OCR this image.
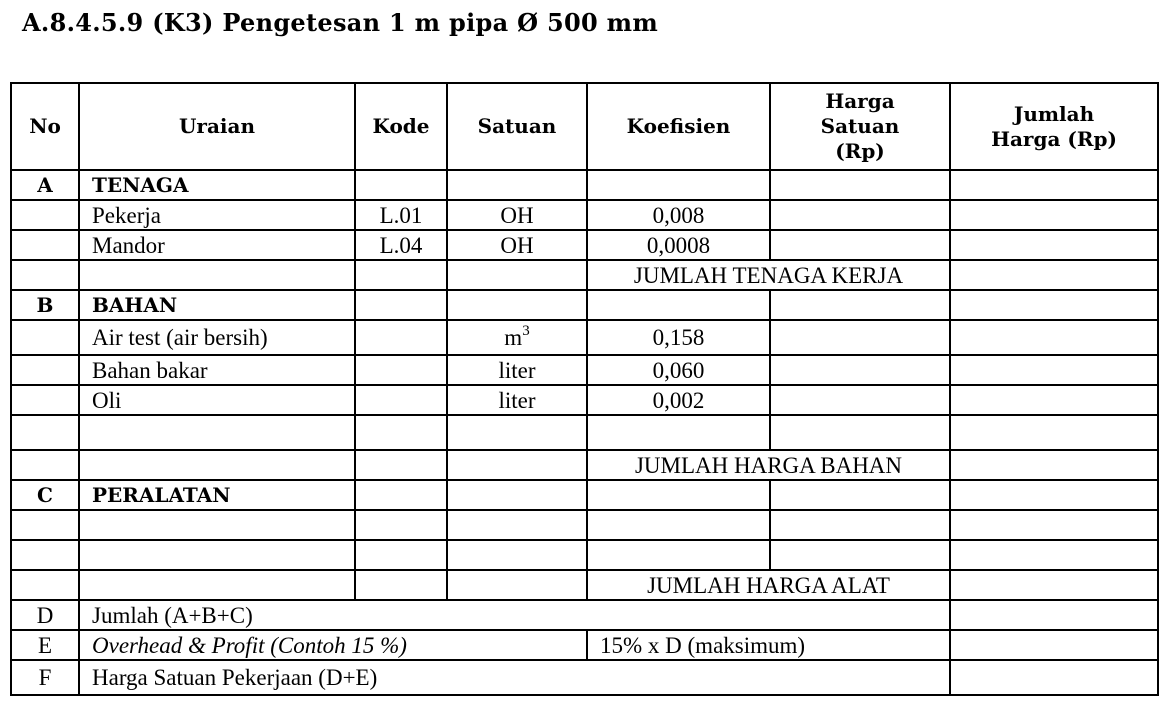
A.8.4.5.9 (K3) Pengetesan 1 m pipa Ø 500 mm
No	Uraian	Kode	Satuan	Koefisien	Harga Satuan (Rp)	Jumlah Harga (Rp)
A	TENAGA					
	Pekerja	L.01	OH	0,008		
	Mandor	L.04	OH	0,0008		
				JUMLAH TENAGA KERJA		
B	BAHAN					
	Air test (air bersih)		$m^3$	0,158		
	Bahan bakar		liter	0,060		
	Oli		liter	0,002		

				JUMLAH HARGA BAHAN		
C	PERALATAN					

				JUMLAH HARGA ALAT		
D	Jumlah (A+B+C)					
E	Overhead & Profit (Contoh 15 %)			15% x D (maksimum)		
F	Harga Satuan Pekerjaan (D+E)					
